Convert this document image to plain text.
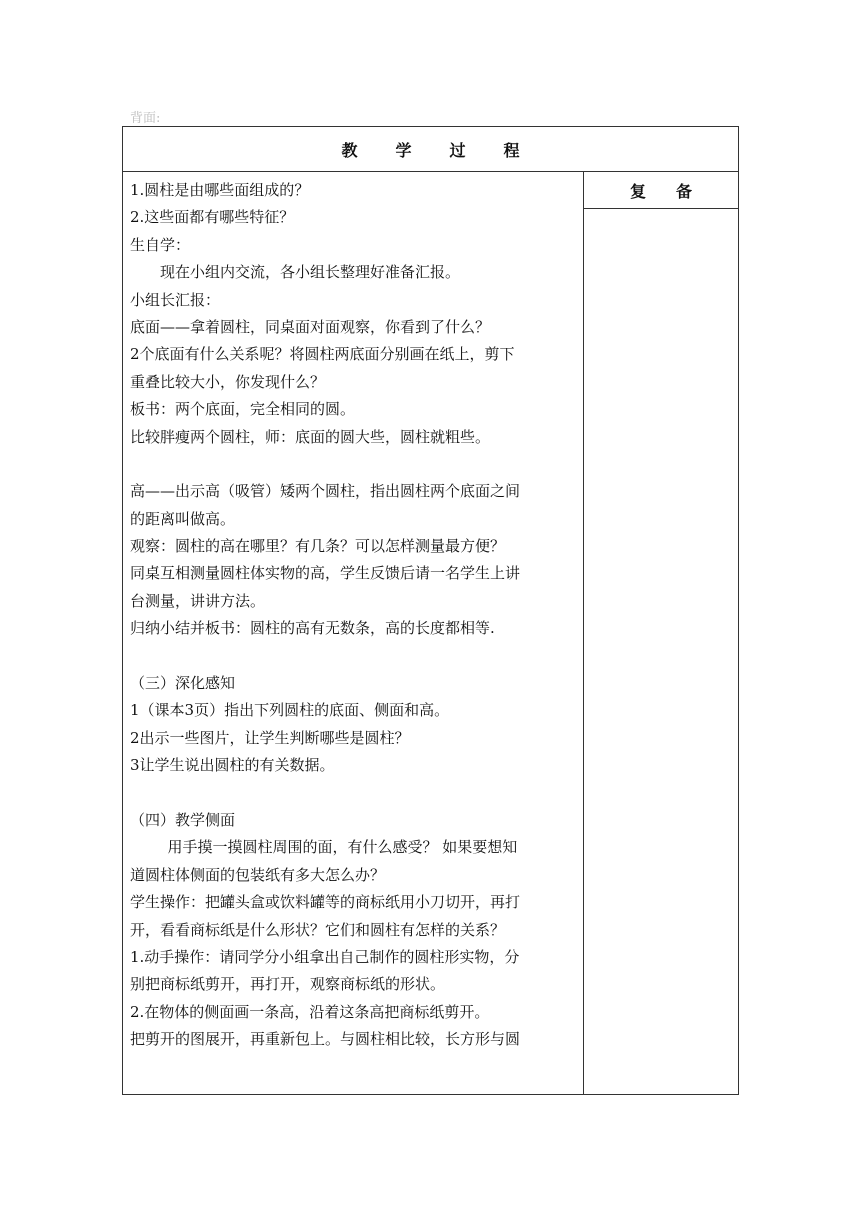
背面:
教学过程
复备
1.圆柱是由哪些面组成的？
2.这些面都有哪些特征？
生自学：
现在小组内交流，各小组长整理好准备汇报。
小组长汇报：
底面——拿着圆柱，同桌面对面观察，你看到了什么？
2个底面有什么关系呢？将圆柱两底面分别画在纸上，剪下
重叠比较大小，你发现什么？
板书：两个底面，完全相同的圆。
比较胖瘦两个圆柱，师：底面的圆大些，圆柱就粗些。
高——出示高（吸管）矮两个圆柱，指出圆柱两个底面之间
的距离叫做高。
观察：圆柱的高在哪里？有几条？可以怎样测量最方便？
同桌互相测量圆柱体实物的高，学生反馈后请一名学生上讲
台测量，讲讲方法。
归纳小结并板书：圆柱的高有无数条，高的长度都相等.
（三）深化感知
1（课本3页）指出下列圆柱的底面、侧面和高。
2出示一些图片，让学生判断哪些是圆柱？
3让学生说出圆柱的有关数据。
（四）教学侧面
用手摸一摸圆柱周围的面，有什么感受？ 如果要想知
道圆柱体侧面的包装纸有多大怎么办？
学生操作：把罐头盒或饮料罐等的商标纸用小刀切开，再打
开，看看商标纸是什么形状？它们和圆柱有怎样的关系？
1.动手操作：请同学分小组拿出自己制作的圆柱形实物，分
别把商标纸剪开，再打开，观察商标纸的形状。
2.在物体的侧面画一条高，沿着这条高把商标纸剪开。
把剪开的图展开，再重新包上。与圆柱相比较，长方形与圆
